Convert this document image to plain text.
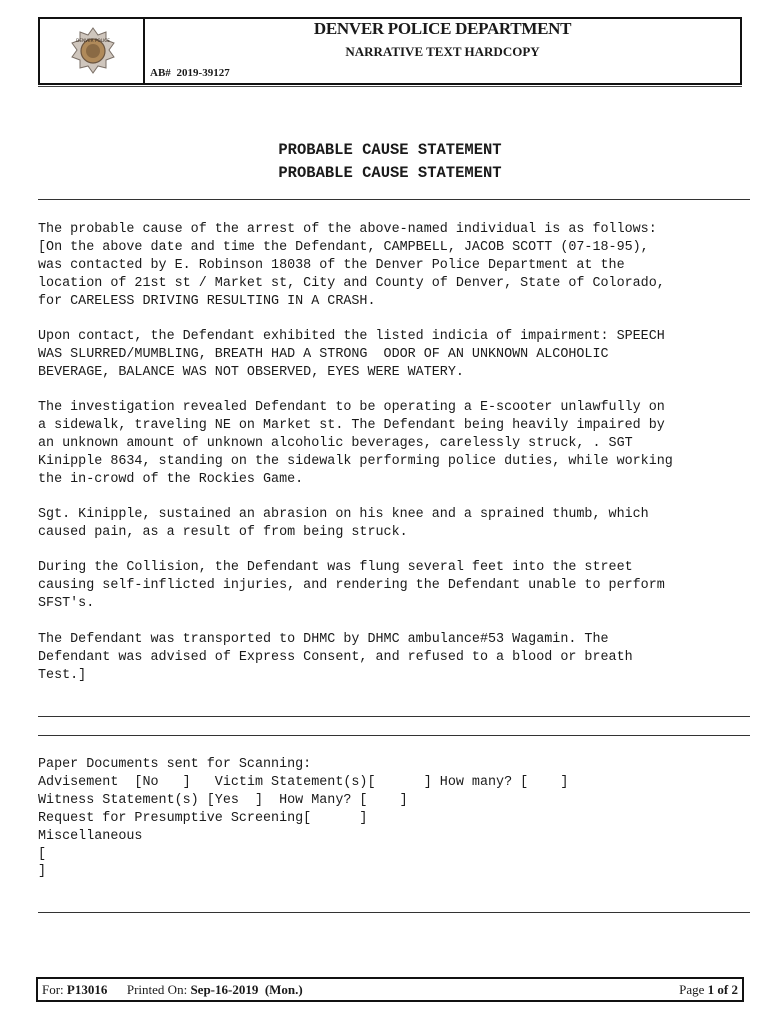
DENVER POLICE
DENVER POLICE DEPARTMENT
NARRATIVE TEXT HARDCOPY
AB# 2019-39127
PROBABLE CAUSE STATEMENT
PROBABLE CAUSE STATEMENT
The probable cause of the arrest of the above-named individual is as follows:
[On the above date and time the Defendant, CAMPBELL, JACOB SCOTT (07-18-95),
was contacted by E. Robinson 18038 of the Denver Police Department at the
location of 21st st / Market st, City and County of Denver, State of Colorado,
for CARELESS DRIVING RESULTING IN A CRASH.
Upon contact, the Defendant exhibited the listed indicia of impairment: SPEECH
WAS SLURRED/MUMBLING, BREATH HAD A STRONG  ODOR OF AN UNKNOWN ALCOHOLIC
BEVERAGE, BALANCE WAS NOT OBSERVED, EYES WERE WATERY.
The investigation revealed Defendant to be operating a E-scooter unlawfully on
a sidewalk, traveling NE on Market st. The Defendant being heavily impaired by
an unknown amount of unknown alcoholic beverages, carelessly struck, . SGT
Kinipple 8634, standing on the sidewalk performing police duties, while working
the in-crowd of the Rockies Game.
Sgt. Kinipple, sustained an abrasion on his knee and a sprained thumb, which
caused pain, as a result of from being struck.
During the Collision, the Defendant was flung several feet into the street
causing self-inflicted injuries, and rendering the Defendant unable to perform
SFST's.
The Defendant was transported to DHMC by DHMC ambulance#53 Wagamin. The
Defendant was advised of Express Consent, and refused to a blood or breath
Test.]
Paper Documents sent for Scanning:
Advisement  [No   ]   Victim Statement(s)[      ] How many? [    ]
Witness Statement(s) [Yes  ]  How Many? [    ]
Request for Presumptive Screening[      ]
Miscellaneous
[
]
For: P13016 Printed On: Sep-16-2019  (Mon.)	Page 1 of 2
